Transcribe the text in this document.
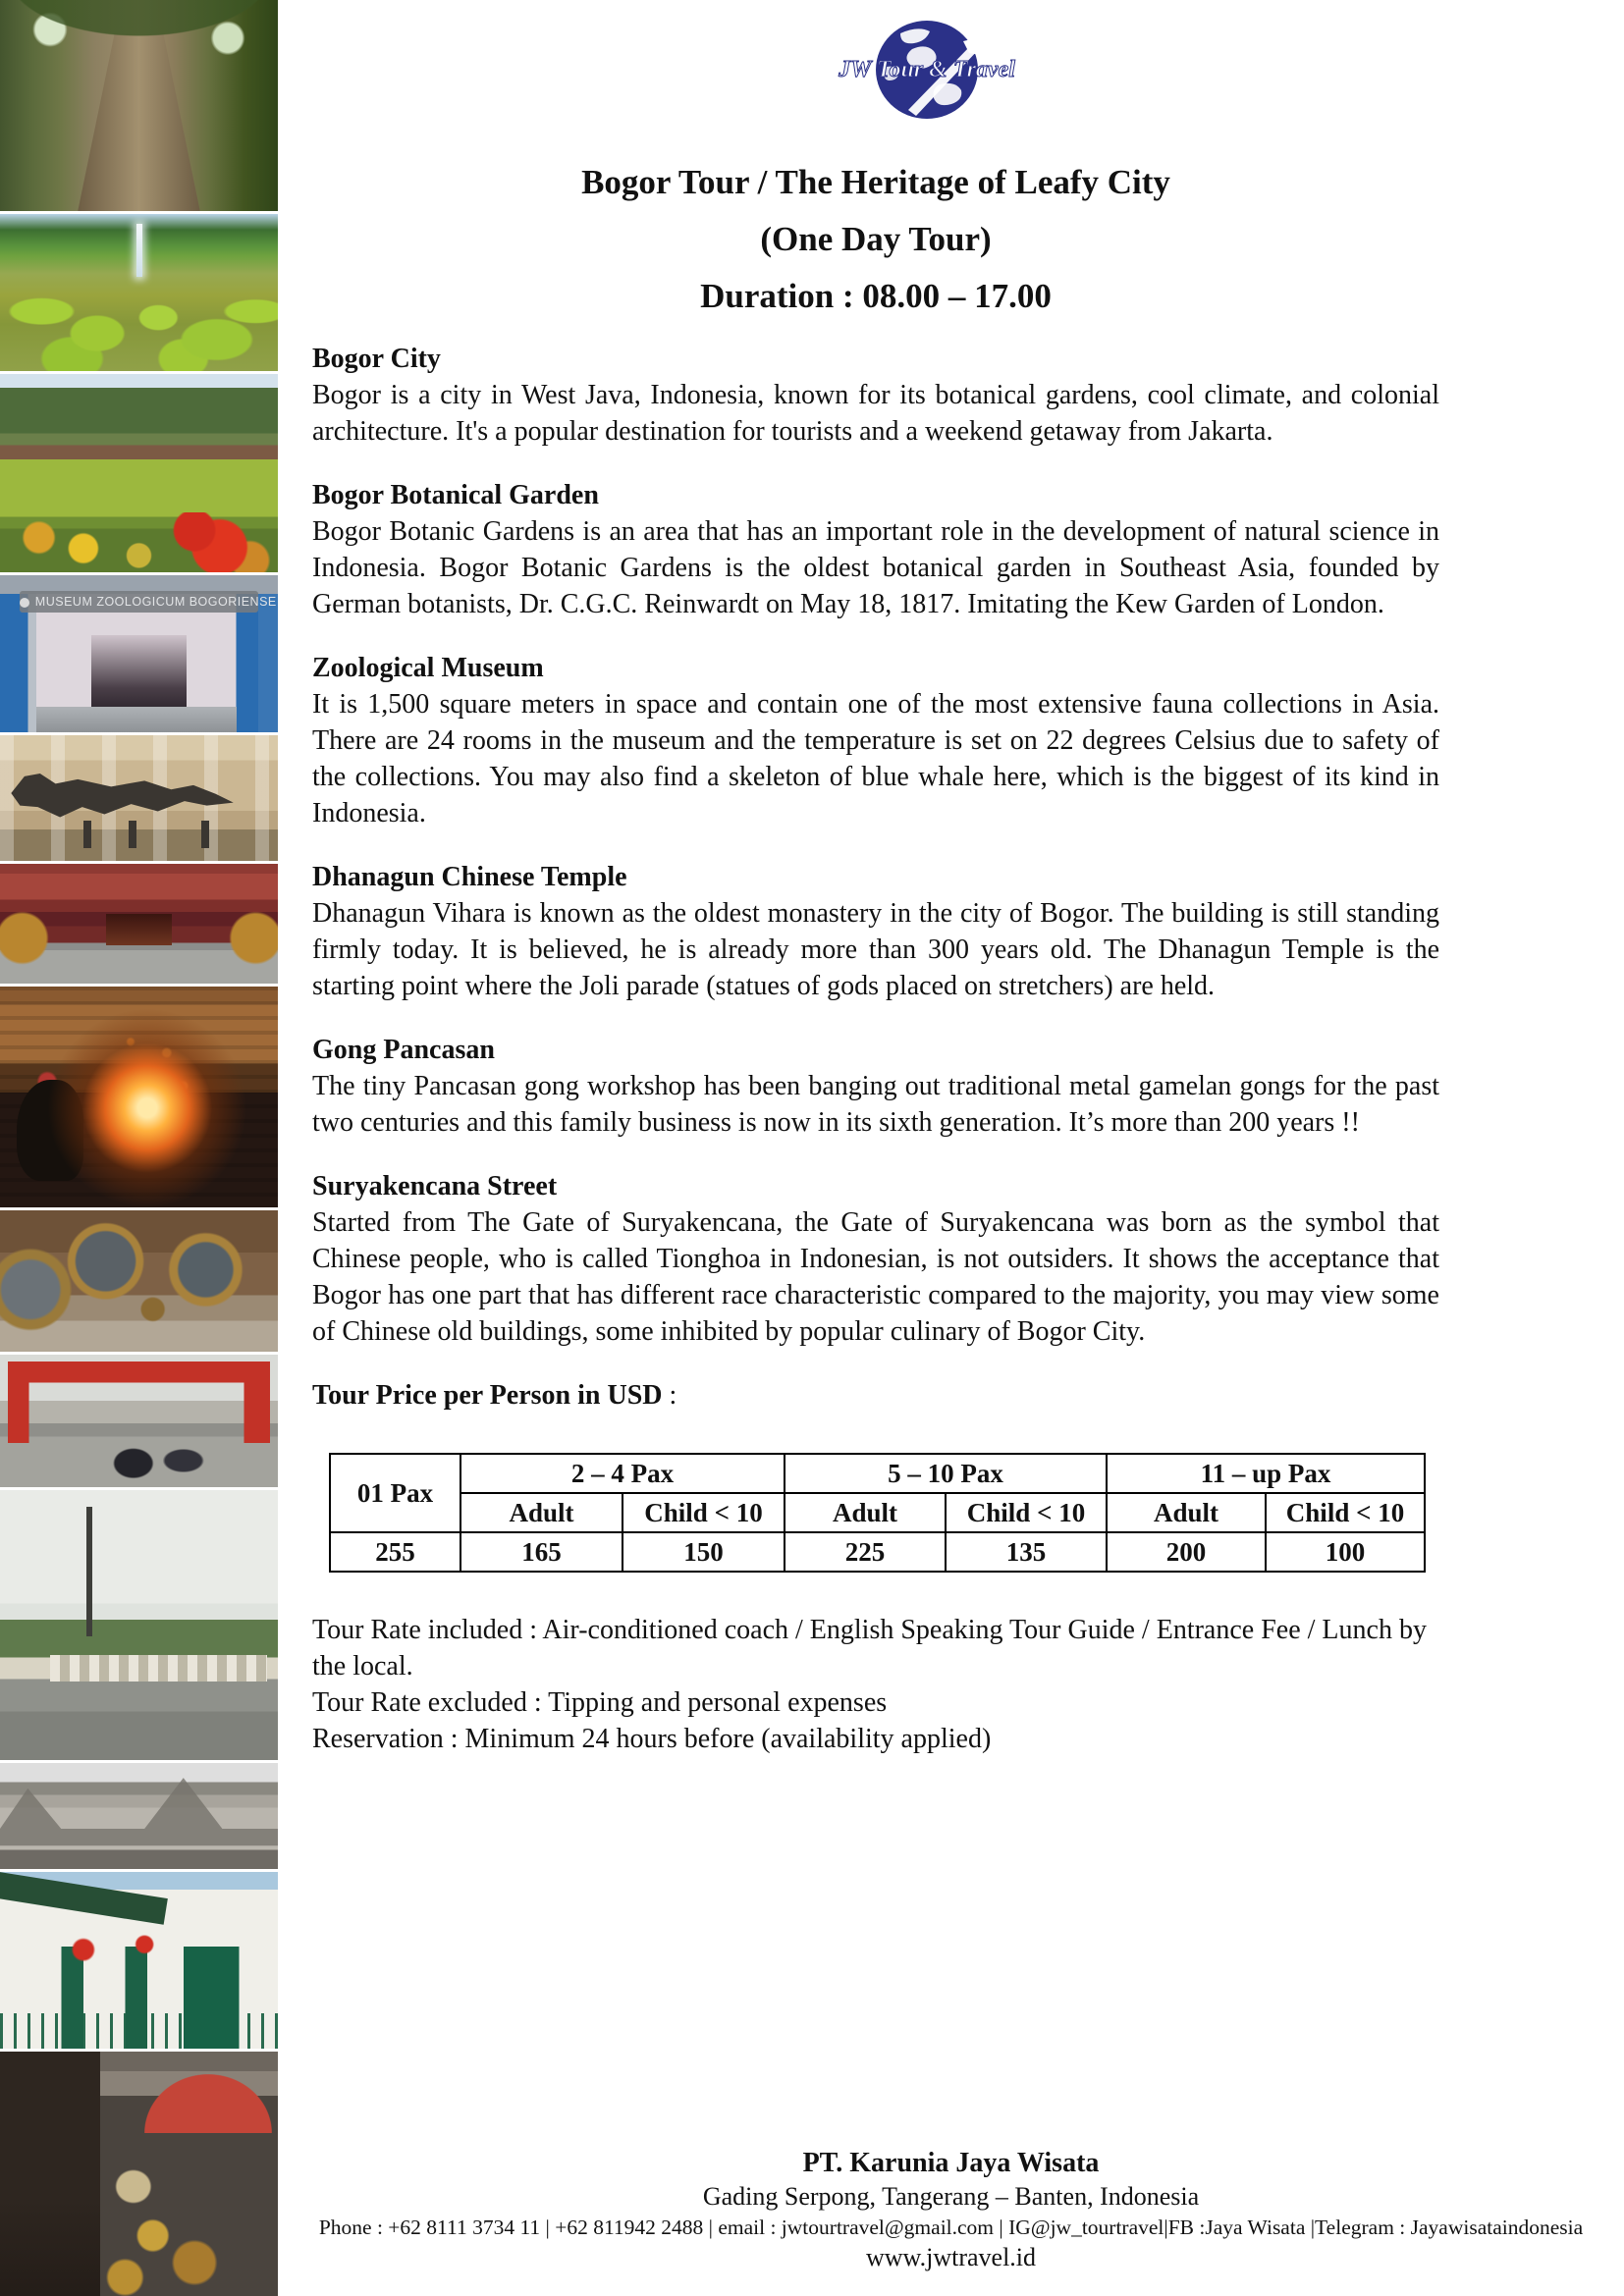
MUSEUM ZOOLOGICUM BOGORIENSE
JW Tour & Travel
Bogor Tour / The Heritage of Leafy City
(One Day Tour)
Duration : 08.00 – 17.00
Bogor City

Bogor is a city in West Java, Indonesia, known for its botanical gardens, cool climate, and colonial architecture. It's a popular destination for tourists and a weekend getaway from Jakarta.

Bogor Botanical Garden

Bogor Botanic Gardens is an area that has an important role in the development of natural science in Indonesia. Bogor Botanic Gardens is the oldest botanical garden in Southeast Asia, founded by German botanists, Dr. C.G.C. Reinwardt on May 18, 1817. Imitating the Kew Garden of London.

Zoological Museum

It is 1,500 square meters in space and contain one of the most extensive fauna collections in Asia. There are 24 rooms in the museum and the temperature is set on 22 degrees Celsius due to safety of the collections. You may also find a skeleton of blue whale here, which is the biggest of its kind in Indonesia.

Dhanagun Chinese Temple

Dhanagun Vihara is known as the oldest monastery in the city of Bogor. The building is still standing firmly today. It is believed, he is already more than 300 years old. The Dhanagun Temple is the starting point where the Joli parade (statues of gods placed on stretchers) are held.

Gong Pancasan

The tiny Pancasan gong workshop has been banging out traditional metal gamelan gongs for the past two centuries and this family business is now in its sixth generation. It’s more than 200 years !!

Suryakencana Street

Started from The Gate of Suryakencana, the Gate of Suryakencana was born as the symbol that Chinese people, who is called Tionghoa in Indonesian, is not outsiders. It shows the acceptance that Bogor has one part that has different race characteristic compared to the majority, you may view some of Chinese old buildings, some inhibited by popular culinary of Bogor City.

Tour Price per Person in USD :

01 Pax	2 – 4 Pax		5 – 10 Pax		11 – up Pax	
	Adult	Child < 10	Adult	Child < 10	Adult	Child < 10
255	165	150	225	135	200	100

Tour Rate included : Air-conditioned coach / English Speaking Tour Guide / Entrance Fee / Lunch by the local.

Tour Rate excluded : Tipping and personal expenses

Reservation : Minimum 24 hours before (availability applied)

PT. Karunia Jaya Wisata

Gading Serpong, Tangerang – Banten, Indonesia

Phone : +62 8111 3734 11 | +62 811942 2488 | email : jwtourtravel@gmail.com | IG@jw_tourtravel|FB :Jaya Wisata |Telegram : Jayawisataindonesia

www.jwtravel.id
